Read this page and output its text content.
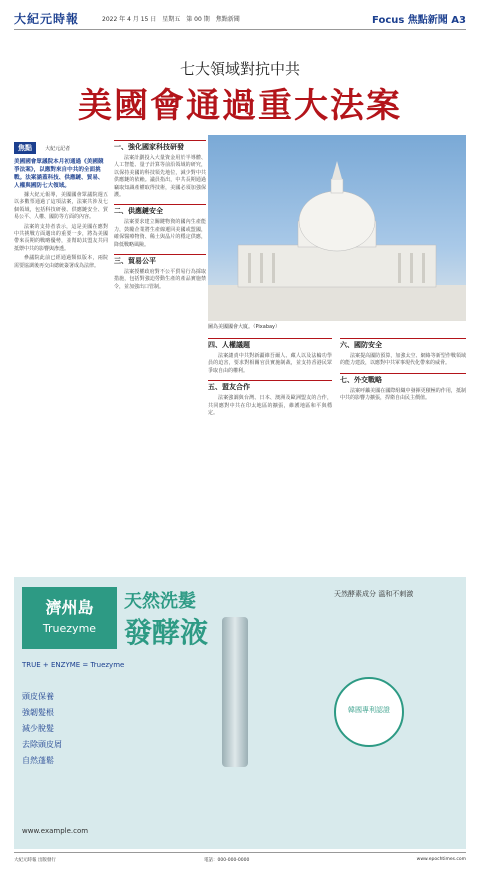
大紀元時報	2022 年 4 月 15 日　星期五　第 00 期　焦點新聞	Focus 焦點新聞 A3
七大領域對抗中共
美國會通過重大法案
焦點	大紀元記者
美國國會眾議院本月初通過《美國競爭法案》，以應對來自中共的全面挑戰。法案涵蓋科技、供應鏈、貿易、人權與國防七大領域。

據大紀元報導，美國國會眾議院週五以多數票通過了這項法案，法案共涉及七個領域，包括科技研發、供應鏈安全、貿易公平、人權、國防等方面的內容。

法案的支持者表示，這是美國在應對中共挑戰方面邁出的重要一步，將為美國帶來長期的戰略優勢，並幫助其盟友共同抵禦中共的影響與滲透。

參議院此前已經通過類似版本，兩院需要協調後再交由總統簽署成為法律。

一、強化國家科技研發

法案計劃投入大量資金用於半導體、人工智能、量子計算等前沿領域的研究，以保持美國的科技領先地位，減少對中共供應鏈的依賴。議員指出，中共長期通過竊取知識產權取得技術，美國必須加強保護。

二、供應鏈安全

法案要求建立關鍵物資的國內生產能力，鼓勵企業將生產線遷回美國或盟國，確保醫療物資、稀土與晶片的穩定供應，降低戰略風險。

三、貿易公平

法案授權政府對不公平貿易行為採取措施，包括對強迫勞動生產的產品實施禁令，並加強出口管制。

圖為美國國會大廈。（Pixabay）
四、人權議題

法案譴責中共對新疆維吾爾人、藏人以及法輪功學員的迫害，要求對相關官員實施制裁，並支持香港民眾爭取自由的權利。

五、盟友合作

法案強調與台灣、日本、澳洲及歐洲盟友的合作，共同應對中共在印太地區的擴張，維護地區和平與穩定。

六、國防安全

法案提高國防預算，加強太空、網絡等新型作戰領域的能力建設，以應對中共軍事現代化帶來的威脅。

七、外交戰略

法案呼籲美國在國際組織中發揮更積極的作用，抵制中共的影響力擴張，捍衛自由民主價值。

濟州島
Truezyme
天然洗髮
發酵液
TRUE + ENZYME = Truezyme
頭皮保養
強韌髮根
減少脫髮
去除頭皮屑
自然蓬鬆
韓國專利認證
天然酵素成分 溫和不刺激
www.example.com
大紀元時報 出版發行	電話：000-000-0000	www.epochtimes.com
